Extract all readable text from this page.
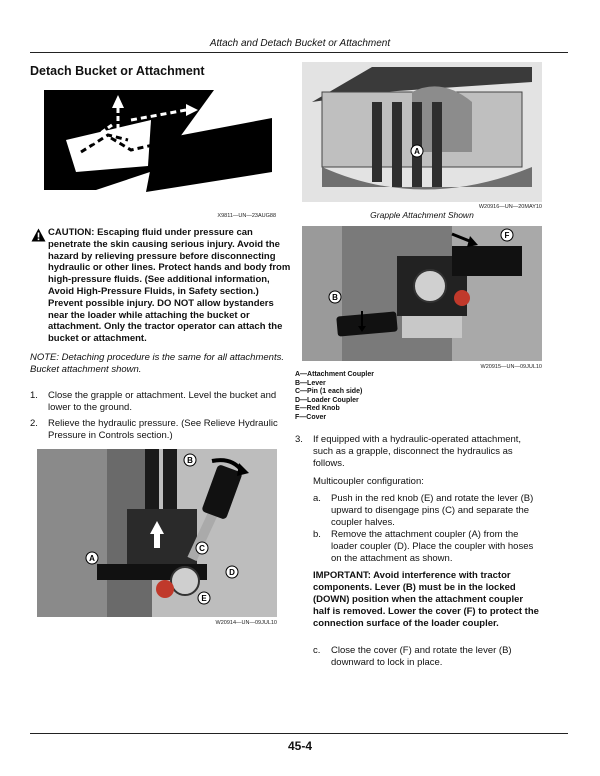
Attach and Detach Bucket or Attachment
Detach Bucket or Attachment
X9811—UN—23AUG88
CAUTION: Escaping fluid under pressure can penetrate the skin causing serious injury. Avoid the hazard by relieving pressure before disconnecting hydraulic or other lines. Protect hands and body from high-pressure fluids. (See additional information, Avoid High-Pressure Fluids, in Safety section.) Prevent possible injury. DO NOT allow bystanders near the loader while attaching the bucket or attachment. Only the tractor operator can attach the bucket or attachment.
NOTE: Detaching procedure is the same for all attachments. Bucket attachment shown.
1. Close the grapple or attachment. Level the bucket and lower to the ground.
2. Relieve the hydraulic pressure. (See Relieve Hydraulic Pressure in Controls section.)
B
A
C
D
E
W20914—UN—09JUL10
A
W20916—UN—20MAY10
Grapple Attachment Shown
F
B
W20915—UN—09JUL10
A—Attachment Coupler
B—Lever
C—Pin (1 each side)
D—Loader Coupler
E—Red Knob
F—Cover
3. If equipped with a hydraulic-operated attachment, such as a grapple, disconnect the hydraulics as follows.
Multicoupler configuration:
a. Push in the red knob (E) and rotate the lever (B) upward to disengage pins (C) and separate the coupler halves.
b. Remove the attachment coupler (A) from the loader coupler (D). Place the coupler with hoses on the attachment as shown.
IMPORTANT: Avoid interference with tractor components. Lever (B) must be in the locked (DOWN) position when the attachment coupler half is removed. Lower the cover (F) to protect the connection surface of the loader coupler.
c. Close the cover (F) and rotate the lever (B) downward to lock in place.
45-4
